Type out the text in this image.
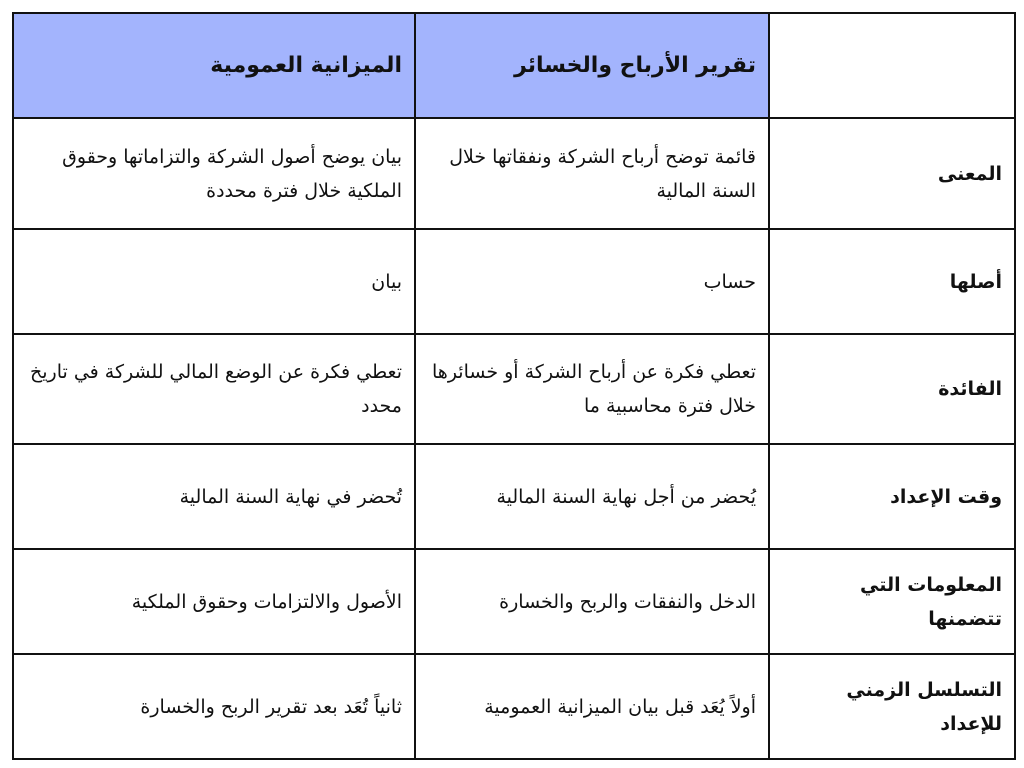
	تقرير الأرباح والخسائر	الميزانية العمومية
المعنى	قائمة توضح أرباح الشركة ونفقاتها خلال السنة المالية	بيان يوضح أصول الشركة والتزاماتها وحقوق الملكية خلال فترة محددة
أصلها	حساب	بيان
الفائدة	تعطي فكرة عن أرباح الشركة أو خسائرها خلال فترة محاسبية ما	تعطي فكرة عن الوضع المالي للشركة في تاريخ محدد
وقت الإعداد	يُحضر من أجل نهاية السنة المالية	تُحضر في نهاية السنة المالية
المعلومات التي تتضمنها	الدخل والنفقات والربح والخسارة	الأصول والالتزامات وحقوق الملكية
التسلسل الزمني للإعداد	أولاً يُعَد قبل بيان الميزانية العمومية	ثانياً تُعَد بعد تقرير الربح والخسارة
